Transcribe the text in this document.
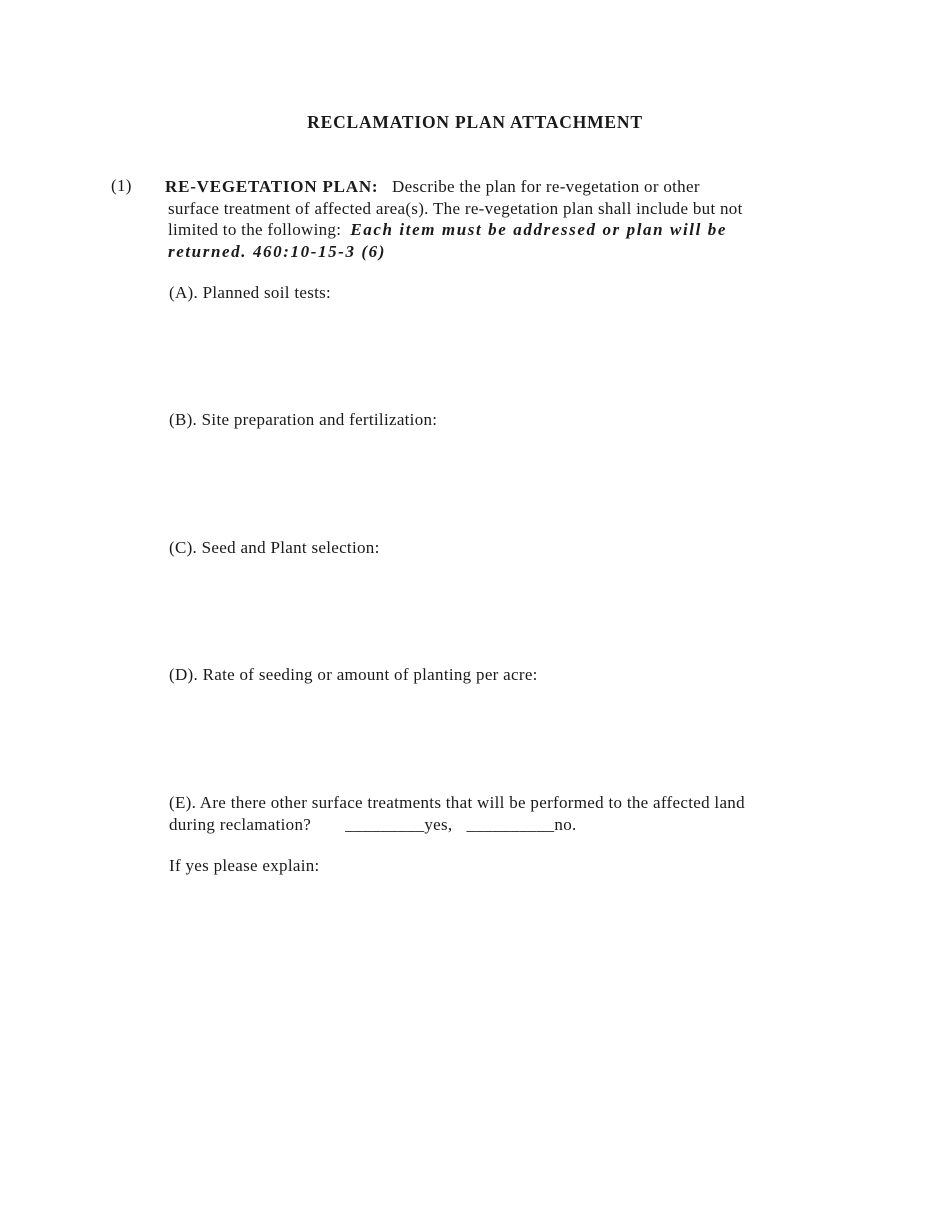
RECLAMATION PLAN ATTACHMENT
(1) RE-VEGETATION PLAN: Describe the plan for re-vegetation or other
surface treatment of affected area(s). The re-vegetation plan shall include but not
limited to the following: Each item must be addressed or plan will be
returned. 460:10-15-3 (6)
(A). Planned soil tests:
(B). Site preparation and fertilization:
(C). Seed and Plant selection:
(D). Rate of seeding or amount of planting per acre:
(E). Are there other surface treatments that will be performed to the affected land
during reclamation? _________yes, __________no.
If yes please explain:
